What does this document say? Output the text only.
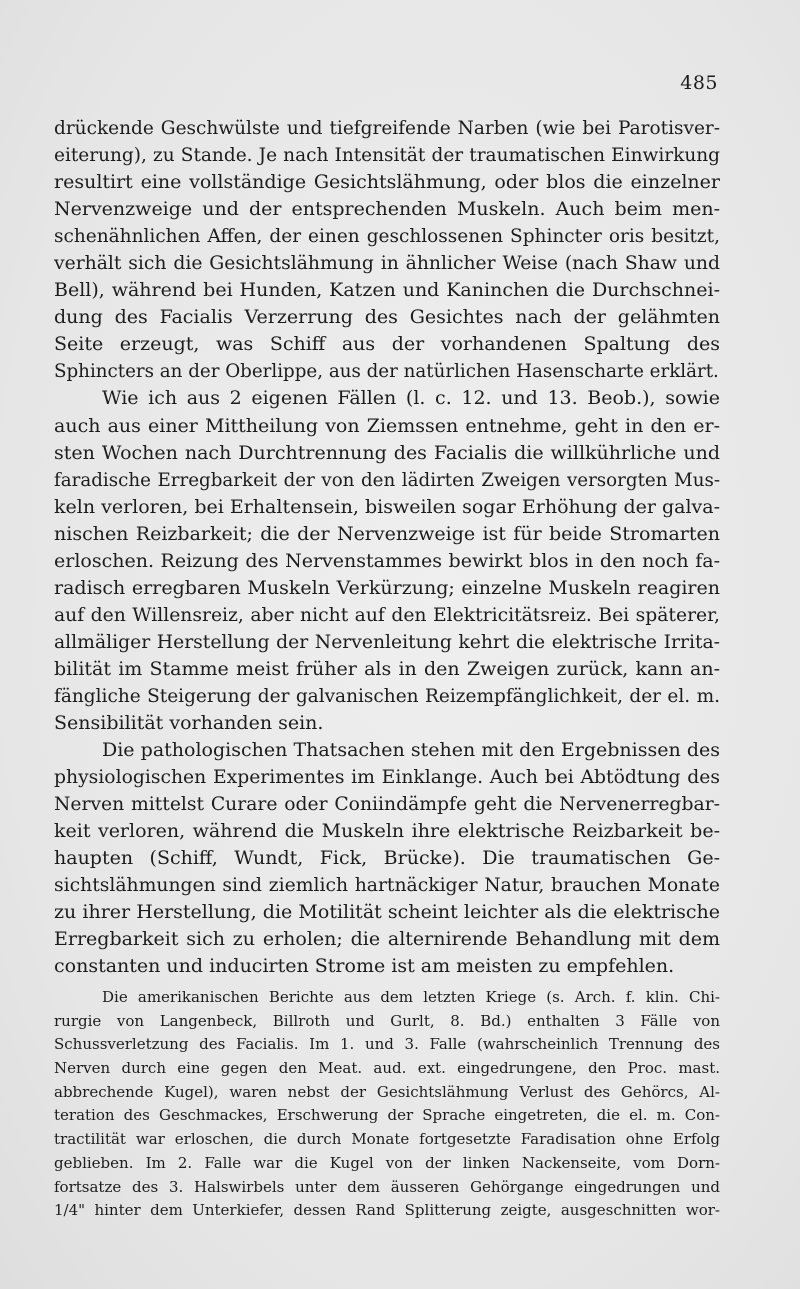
485
drückende Geschwülste und tiefgreifende Narben (wie bei Parotisver-
eiterung), zu Stande. Je nach Intensität der traumatischen Einwirkung
resultirt eine vollständige Gesichtslähmung, oder blos die einzelner
Nervenzweige und der entsprechenden Muskeln. Auch beim men-
schenähnlichen Affen, der einen geschlossenen Sphincter oris besitzt,
verhält sich die Gesichtslähmung in ähnlicher Weise (nach Shaw und
Bell), während bei Hunden, Katzen und Kaninchen die Durchschnei-
dung des Facialis Verzerrung des Gesichtes nach der gelähmten
Seite erzeugt, was Schiff aus der vorhandenen Spaltung des
Sphincters an der Oberlippe, aus der natürlichen Hasenscharte erklärt.
Wie ich aus 2 eigenen Fällen (l. c. 12. und 13. Beob.), sowie
auch aus einer Mittheilung von Ziemssen entnehme, geht in den er-
sten Wochen nach Durchtrennung des Facialis die willkührliche und
faradische Erregbarkeit der von den lädirten Zweigen versorgten Mus-
keln verloren, bei Erhaltensein, bisweilen sogar Erhöhung der galva-
nischen Reizbarkeit; die der Nervenzweige ist für beide Stromarten
erloschen. Reizung des Nervenstammes bewirkt blos in den noch fa-
radisch erregbaren Muskeln Verkürzung; einzelne Muskeln reagiren
auf den Willensreiz, aber nicht auf den Elektricitätsreiz. Bei späterer,
allmäliger Herstellung der Nervenleitung kehrt die elektrische Irrita-
bilität im Stamme meist früher als in den Zweigen zurück, kann an-
fängliche Steigerung der galvanischen Reizempfänglichkeit, der el. m.
Sensibilität vorhanden sein.
Die pathologischen Thatsachen stehen mit den Ergebnissen des
physiologischen Experimentes im Einklange. Auch bei Abtödtung des
Nerven mittelst Curare oder Coniindämpfe geht die Nervenerregbar-
keit verloren, während die Muskeln ihre elektrische Reizbarkeit be-
haupten (Schiff, Wundt, Fick, Brücke). Die traumatischen Ge-
sichtslähmungen sind ziemlich hartnäckiger Natur, brauchen Monate
zu ihrer Herstellung, die Motilität scheint leichter als die elektrische
Erregbarkeit sich zu erholen; die alternirende Behandlung mit dem
constanten und inducirten Strome ist am meisten zu empfehlen.
Die amerikanischen Berichte aus dem letzten Kriege (s. Arch. f. klin. Chi-
rurgie von Langenbeck, Billroth und Gurlt, 8. Bd.) enthalten 3 Fälle von
Schussverletzung des Facialis. Im 1. und 3. Falle (wahrscheinlich Trennung des
Nerven durch eine gegen den Meat. aud. ext. eingedrungene, den Proc. mast.
abbrechende Kugel), waren nebst der Gesichtslähmung Verlust des Gehörcs, Al-
teration des Geschmackes, Erschwerung der Sprache eingetreten, die el. m. Con-
tractilität war erloschen, die durch Monate fortgesetzte Faradisation ohne Erfolg
geblieben. Im 2. Falle war die Kugel von der linken Nackenseite, vom Dorn-
fortsatze des 3. Halswirbels unter dem äusseren Gehörgange eingedrungen und
1/4" hinter dem Unterkiefer, dessen Rand Splitterung zeigte, ausgeschnitten wor-
